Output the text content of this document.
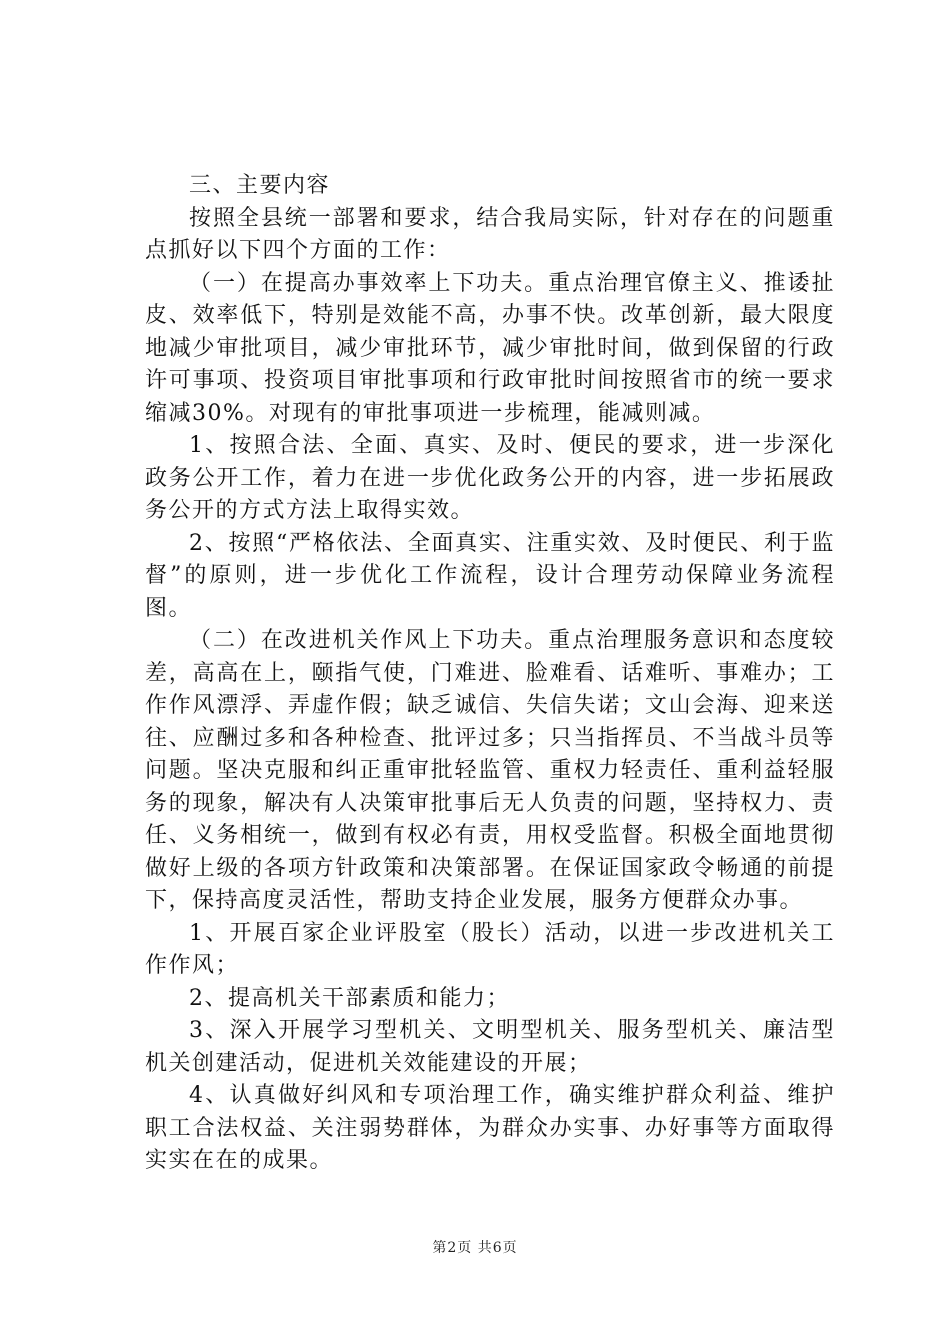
三、主要内容

按照全县统一部署和要求，结合我局实际，针对存在的问题重点抓好以下四个方面的工作：

（一）在提高办事效率上下功夫。重点治理官僚主义、推诿扯皮、效率低下，特别是效能不高，办事不快。改革创新，最大限度地减少审批项目，减少审批环节，减少审批时间，做到保留的行政许可事项、投资项目审批事项和行政审批时间按照省市的统一要求缩减30%。对现有的审批事项进一步梳理，能减则减。

1、按照合法、全面、真实、及时、便民的要求，进一步深化政务公开工作，着力在进一步优化政务公开的内容，进一步拓展政务公开的方式方法上取得实效。

2、按照“严格依法、全面真实、注重实效、及时便民、利于监督”的原则，进一步优化工作流程，设计合理劳动保障业务流程图。

（二）在改进机关作风上下功夫。重点治理服务意识和态度较差，高高在上，颐指气使，门难进、脸难看、话难听、事难办；工作作风漂浮、弄虚作假；缺乏诚信、失信失诺；文山会海、迎来送往、应酬过多和各种检查、批评过多；只当指挥员、不当战斗员等问题。坚决克服和纠正重审批轻监管、重权力轻责任、重利益轻服务的现象，解决有人决策审批事后无人负责的问题，坚持权力、责任、义务相统一，做到有权必有责，用权受监督。积极全面地贯彻做好上级的各项方针政策和决策部署。在保证国家政令畅通的前提下，保持高度灵活性，帮助支持企业发展，服务方便群众办事。

1、开展百家企业评股室（股长）活动，以进一步改进机关工作作风；

2、提高机关干部素质和能力；

3、深入开展学习型机关、文明型机关、服务型机关、廉洁型机关创建活动，促进机关效能建设的开展；

4、认真做好纠风和专项治理工作，确实维护群众利益、维护职工合法权益、关注弱势群体，为群众办实事、办好事等方面取得实实在在的成果。

第2页 共6页
